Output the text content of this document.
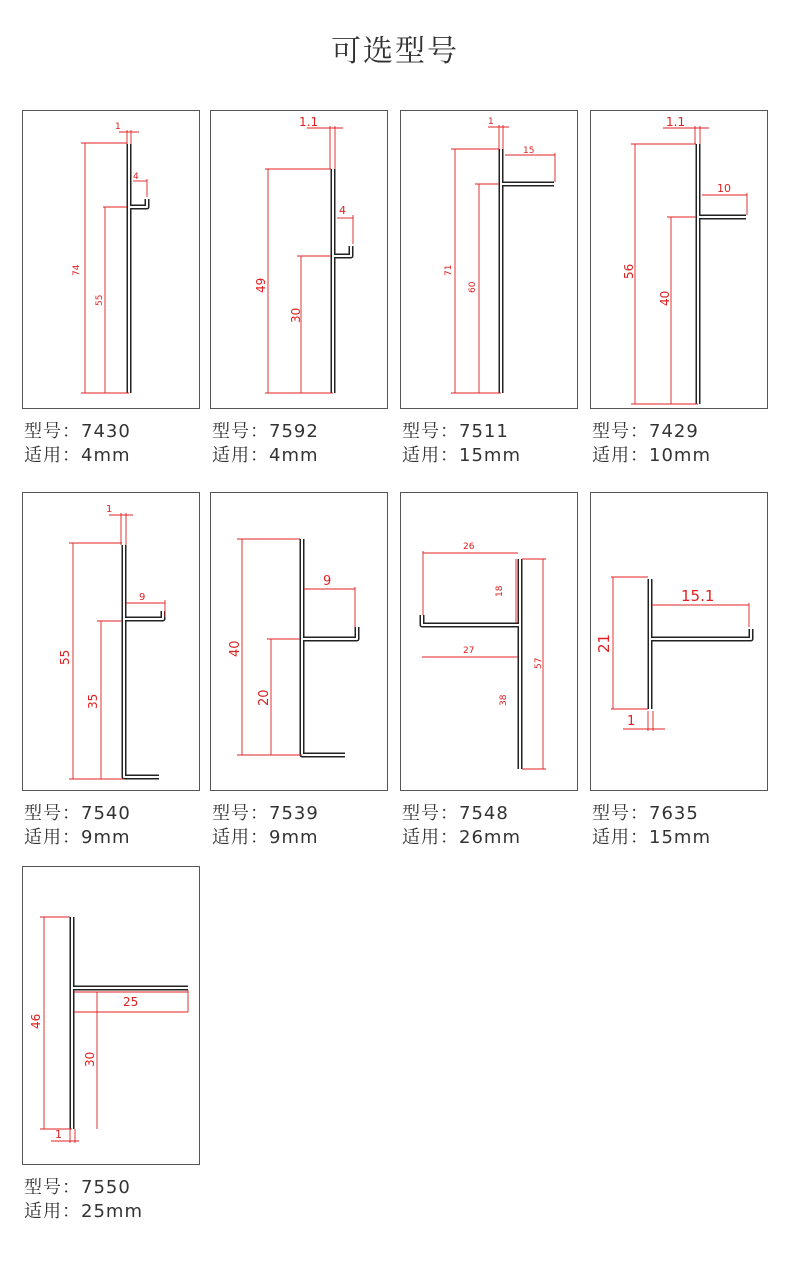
可选型号
1
4
74
55
型号：7430
适用：4mm
1.1
4
49
30
型号：7592
适用：4mm
1
15
71
60
型号：7511
适用：15mm
1.1
10
56
40
型号：7429
适用：10mm
1
9
55
35
型号：7540
适用：9mm
9
40
20
型号：7539
适用：9mm
26
18
27
57
38
型号：7548
适用：26mm
15.1
21
1
型号：7635
适用：15mm
25
46
30
1
型号：7550
适用：25mm
